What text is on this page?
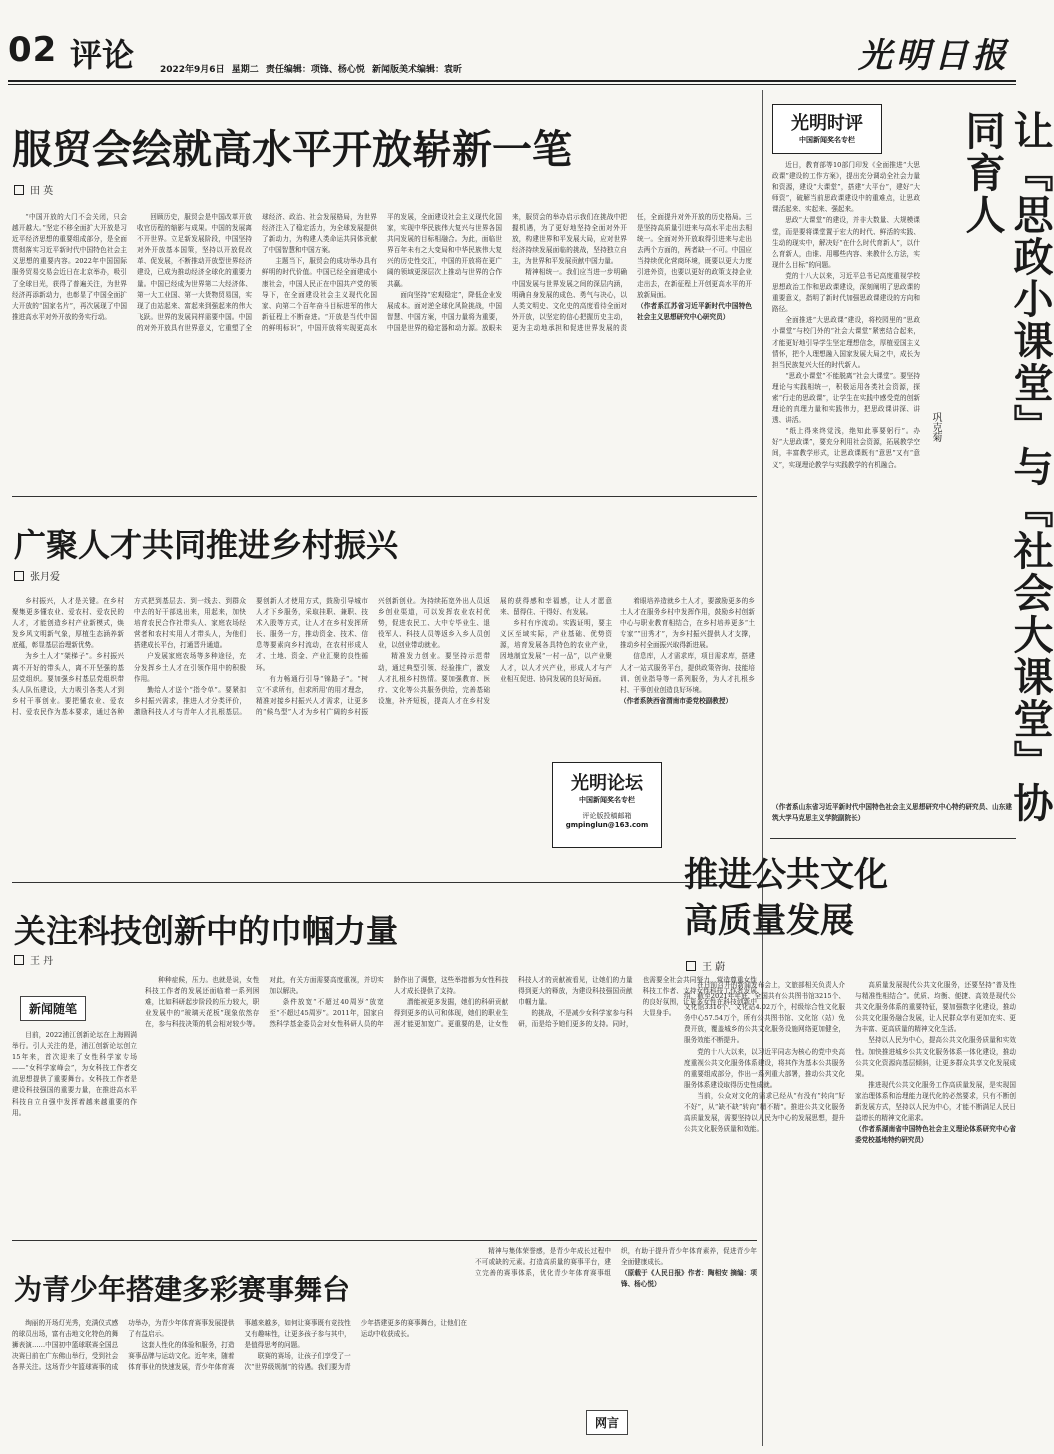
02 评论	2022年9月6日 星期二 责任编辑：项锋、杨心悦 新闻版美术编辑：袁昕	光明日报
服贸会绘就高水平开放崭新一笔
田 英

“中国开放的大门不会关闭，只会越开越大。”坚定不移全面扩大开放是习近平经济思想的重要组成部分，是全面贯彻落实习近平新时代中国特色社会主义思想的重要内容。2022年中国国际服务贸易交易会近日在北京举办，吸引了全球目光，获得了普遍关注，为世界经济再添新动力，也彰显了中国全面扩大开放的“国家名片”，再次展现了中国推进高水平对外开放的务实行动。

回顾历史，服贸会是中国改革开放收官历程的缩影与成果。中国的发展离不开世界。立足新发展阶段，中国坚持对外开放基本国策，坚持以开放促改革、促发展，不断推动开放型世界经济建设，已成为推动经济全球化的重要力量。中国已经成为世界第二大经济体、第一大工业国、第一大货物贸易国，实现了由站起来、富起来到强起来的伟大飞跃。世界的发展同样需要中国。中国的对外开放具有世界意义，它重塑了全球经济、政治、社会发展格局，为世界经济注入了稳定活力，为全球发展提供了新动力，为构建人类命运共同体贡献了中国智慧和中国方案。

主题当下，服贸会的成功举办具有鲜明的时代价值。中国已经全面建成小康社会，中国人民正在中国共产党的领导下，在全面建设社会主义现代化国家、向第二个百年奋斗目标进军的伟大新征程上不断奋进。“开放是当代中国的鲜明标识”，中国开放将实现更高水平的发展，全面建设社会主义现代化国家，实现中华民族伟大复兴与世界各国共同发展的目标相融合。为此，面临世界百年未有之大变局和中华民族伟大复兴的历史性交汇，中国的开放将在更广阔的领域更深层次上推动与世界的合作共赢。

面向坚持“宏观稳定”，降低企业发展成本。面对逆全球化风险挑战，中国智慧、中国方案，中国力量将为重要，中国是世界的稳定器和动力源。放眼未来，服贸会的举办启示我们在挑战中把握机遇，为了更好地坚持全面对外开放，构建世界和平发展大局，应对世界经济持续发展面临的挑战，坚持独立自主，为世界和平发展贡献中国力量。

精神相统一。我们应当进一步明确中国发展与世界发展之间的深层内涵，明确自身发展的成色、勇气与决心，以人类文明史、文化史的高度看待全面对外开放，以坚定的信心把握历史主动，更为主动地承担和促进世界发展的责任，全面提升对外开放的历史格局。三是坚持高质量引进来与高水平走出去相统一。全面对外开放取得引进来与走出去两个方面的，两者缺一不可。中国应当持续优化营商环境，既要以更大力度引进外资，也要以更好的政策支持企业走出去，在新征程上开创更高水平的开放新局面。

（作者系江苏省习近平新时代中国特色社会主义思想研究中心研究员）

广聚人才共同推进乡村振兴
张月爱

乡村振兴，人才是关键。在乡村聚集更多懂农业、爱农村、爱农民的人才，才能创造乡村产业新模式，焕发乡风文明新气象，厚植生态涵养新底蕴，彰显基层治理新优势。

为乡土人才“架梯子”。乡村振兴离不开好的带头人，离不开坚强的基层党组织。要加强乡村基层党组织带头人队伍建设，大力吸引各类人才到乡村干事创业。要把懂农业、爱农村、爱农民作为基本要求，通过各种方式把到基层去、到一线去、到群众中去的好干部选出来，用起来，加快培育农民合作社带头人、家庭农场经营者和农村实用人才带头人，为他们搭建成长平台，打通晋升通道。

户发展家庭农场等多种途径，充分发挥乡土人才在引领作用中的积极作用。

勤给人才送个“指令单”。要紧扣乡村振兴需求，推进人才分类评价，激励科技人才与青年人才扎根基层。要创新人才使用方式，鼓励引导城市人才下乡服务，采取挂职、兼职、技术入股等方式，让人才在乡村发挥所长、服务一方，推动资金、技术、信息等要素向乡村流动，在农村形成人才、土地、资金、产业汇聚的良性循环。

有力畅通行引导“锦路子”。“树立‘不求所有，但求所用’的用才理念，精准对接乡村振兴人才需求，让更多的“候鸟型”人才为乡村广阔的乡村振兴创新创业。为持续拓宽外出人员返乡创业渠道，可以发挥农业农村优势，促进农民工、大中专毕业生、退役军人、科技人员等返乡入乡人员创业，以创业带动就业。

精准发力创业。要坚持示范带动，通过典型引领、经验推广，激发人才扎根乡村热情。要加强教育、医疗、文化等公共服务供给，完善基础设施，补齐短板，提高人才在乡村发展的获得感和幸福感，让人才愿意来、留得住、干得好、有发展。

乡村有序流动。实践证明，要主义区至域实际，产业基础、优势资源，培育发展各具特色的农业产业，因地制宜发展“一村一品”，以产业聚人才，以人才兴产业，形成人才与产业相互促进、协同发展的良好局面。

着眼培养造就乡土人才，要激励更多的乡土人才在服务乡村中发挥作用，鼓励乡村创新中心与职业教育相结合，在乡村培养更多“土专家”“田秀才”，为乡村振兴提供人才支撑，推动乡村全面振兴取得新进展。

信息库，人才需求库，项目需求库，搭建人才一站式服务平台，提供政策咨询、技能培训、创业指导等一系列服务，为人才扎根乡村、干事创业创造良好环境。

（作者系陕西省渭南市委党校副教授）

光明论坛
中国新闻奖名专栏
评论版投稿邮箱
gmpinglun@163.com
关注科技创新中的巾帼力量
王 丹
新闻随笔

目前，2022浦江创新论坛在上海圆满举行。引人关注的是，浦江创新论坛创立15年来，首次迎来了女性科学家专场——“女科学家峰会”，为女科技工作者交流思想提供了重要舞台。女科技工作者是建设科技强国的重要力量，在推进高水平科技自立自强中发挥着越来越重要的作用。

种种症候，压力。也就是说，女性科技工作者的发展还面临着一系列困难，比如科研起步阶段的压力较大，职业发展中的“玻璃天花板”现象依然存在，参与科技决策的机会相对较少等。对此，有关方面需要高度重视，并切实加以解决。

条件放宽“不超过40周岁”放宽至“不超过45周岁”。2011年，国家自然科学基金委员会对女性科研人员的年龄作出了调整，这些举措都为女性科技人才成长提供了支持。

潜能被更多发掘，她们的科研贡献得到更多的认可和体现，她们的职业生涯才能更加宽广。更重要的是，让女性科技人才的贡献被看见，让她们的力量得到更大的释放，为建设科技强国贡献巾帼力量。

的挑战，不是减少女科学家参与科研，而是给予她们更多的支持。同时，也需要全社会共同努力，营造尊重女性科技工作者、支持女性科技工作者发展的良好氛围，让更多女性在科技创新中大显身手。

为青少年搭建多彩赛事舞台

绚丽的开场灯光秀，充满仪式感的球员出场，富有击地文化特色的舞狮表演……中国初中篮球联赛全国总决赛日前在广东佛山举行，受到社会各界关注。这场青少年篮球赛事的成功举办，为青少年体育赛事发展提供了有益启示。

这套人性化的体验和服务，打造赛事品牌与运动文化。近年来，随着体育事业的快速发展，青少年体育赛事越来越多，如何让赛事既有竞技性又有趣味性，让更多孩子参与其中，是值得思考的问题。

联赛的赛场，让孩子们享受了一次“世界级规制”的待遇。我们要为青少年搭建更多的赛事舞台，让他们在运动中收获成长。

精神与集体荣誉感，是青少年成长过程中不可或缺的元素。打造高质量的赛事平台，建立完善的赛事体系，优化青少年体育赛事组织，有助于提升青少年体育素养，促进青少年全面健康成长。

（原载于《人民日报》作者：陶相安 摘编：项锋、杨心悦）

网言
光明时评
中国新闻奖名专栏	让『思政小课堂』与『社会大课堂』协同育人
巩克菊

近日，教育部等10部门印发《全面推进“大思政课”建设的工作方案》，提出充分调动全社会力量和资源，建设“大课堂”，搭建“大平台”，建好“大师资”，破解当前思政课建设中的重难点，让思政课活起来、实起来、强起来。

思政“大课堂”的建设，并非大数量、大规模课堂，而是要将课堂置于宏大的时代、鲜活的实践、生动的现实中，解决好“在什么时代育新人”，以什么育新人，由谁、用哪些内容、来教什么方法，实现什么目标”的问题。

党的十八大以来，习近平总书记高度重视学校思想政治工作和思政课建设，深刻阐明了思政课的重要意义，指明了新时代加强思政课建设的方向和路径。

全面推进“大思政课”建设，将校园里的“思政小课堂”与校门外的“社会大课堂”紧密结合起来，才能更好地引导学生坚定理想信念，厚植爱国主义情怀，把个人理想融入国家发展大局之中，成长为担当民族复兴大任的时代新人。

“思政小课堂”不能脱离“社会大课堂”。要坚持理论与实践相统一，积极运用各类社会资源，探索“行走的思政课”，让学生在实践中感受党的创新理论的真理力量和实践伟力，把思政课讲深、讲透、讲活。

“纸上得来终觉浅，绝知此事要躬行”。办好“大思政课”，要充分利用社会资源，拓展教学空间，丰富教学形式，让思政课既有“意思”又有“意义”，实现理论教学与实践教学的有机融合。

（作者系山东省习近平新时代中国特色社会主义思想研究中心特约研究员、山东建筑大学马克思主义学院副院长）

推进公共文化
高质量发展
王 蔚

在日前召开的新闻发布会上，文旅部相关负责人介绍，截至2021年年底，全国共有公共图书馆3215个、文化馆3316个、文化站4.02万个，村级综合性文化服务中心57.54万个，所有公共图书馆、文化馆（站）免费开放，覆盖城乡的公共文化服务设施网络更加健全，服务效能不断提升。

党的十八大以来，以习近平同志为核心的党中央高度重视公共文化服务体系建设，将其作为基本公共服务的重要组成部分，作出一系列重大部署，推动公共文化服务体系建设取得历史性成就。

当前，公众对文化的需求已经从“有没有”转向“好不好”，从“缺不缺”转向“精不精”。推进公共文化服务高质量发展，需要坚持以人民为中心的发展思想，提升公共文化服务质量和效能。

高质量发展现代公共文化服务，还要坚持“普及性与精准性相结合”。优质、均衡、便捷、高效是现代公共文化服务体系的重要特征，要加强数字化建设，推动公共文化服务融合发展，让人民群众享有更加充实、更为丰富、更高质量的精神文化生活。

坚持以人民为中心，提高公共文化服务质量和实效性。加快推进城乡公共文化服务体系一体化建设，推动公共文化资源向基层倾斜，让更多群众共享文化发展成果。

推进现代公共文化服务工作高质量发展，是实现国家治理体系和治理能力现代化的必然要求，只有不断创新发展方式，坚持以人民为中心，才能不断满足人民日益增长的精神文化需求。

（作者系湖南省中国特色社会主义理论体系研究中心省委党校基地特约研究员）
